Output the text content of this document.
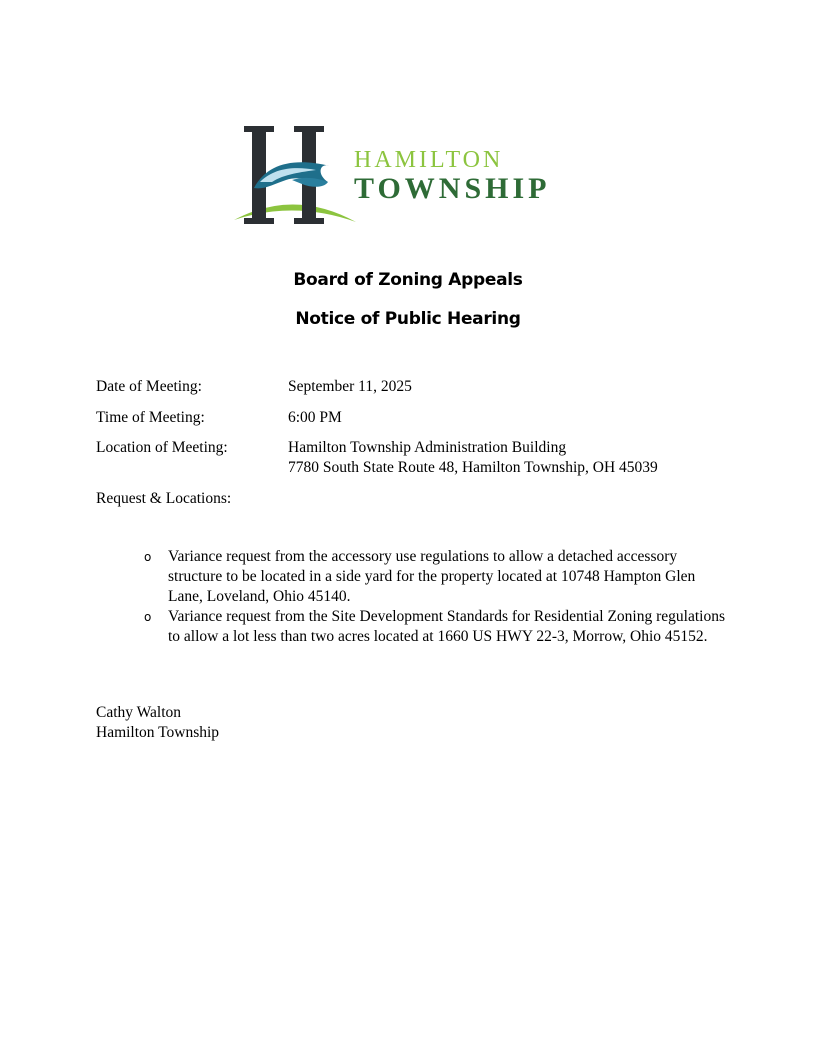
HAMILTON
TOWNSHIP
Board of Zoning Appeals
Notice of Public Hearing
Date of Meeting:	September 11, 2025
Time of Meeting:	6:00 PM
Location of Meeting:	Hamilton Township Administration Building
7780 South State Route 48, Hamilton Township, OH 45039
Request & Locations:
o Variance request from the accessory use regulations to allow a detached accessory structure to be located in a side yard for the property located at 10748 Hampton Glen Lane, Loveland, Ohio 45140.
o Variance request from the Site Development Standards for Residential Zoning regulations to allow a lot less than two acres located at 1660 US HWY 22-3, Morrow, Ohio 45152.
Cathy Walton
Hamilton Township
